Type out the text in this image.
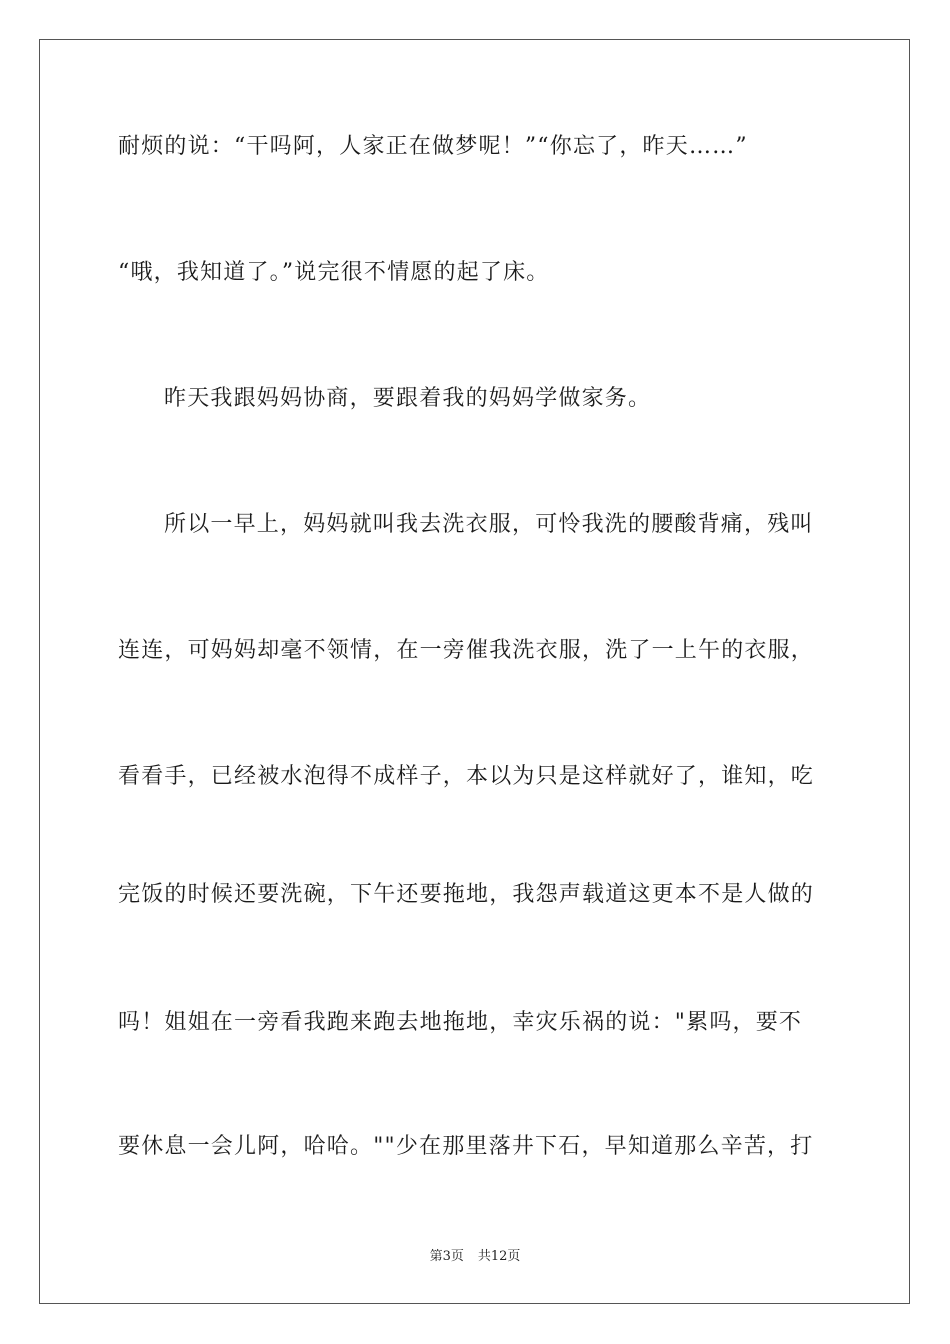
耐烦的说：“干吗阿，人家正在做梦呢！”“你忘了，昨天……”
“哦，我知道了。”说完很不情愿的起了床。
昨天我跟妈妈协商，要跟着我的妈妈学做家务。
所以一早上，妈妈就叫我去洗衣服，可怜我洗的腰酸背痛，残叫
连连，可妈妈却毫不领情，在一旁催我洗衣服，洗了一上午的衣服，
看看手，已经被水泡得不成样子，本以为只是这样就好了，谁知，吃
完饭的时候还要洗碗，下午还要拖地，我怨声载道这更本不是人做的
吗！姐姐在一旁看我跑来跑去地拖地，幸灾乐祸的说："累吗，要不
要休息一会儿阿，哈哈。""少在那里落井下石，早知道那么辛苦，打
第3页 共12页
